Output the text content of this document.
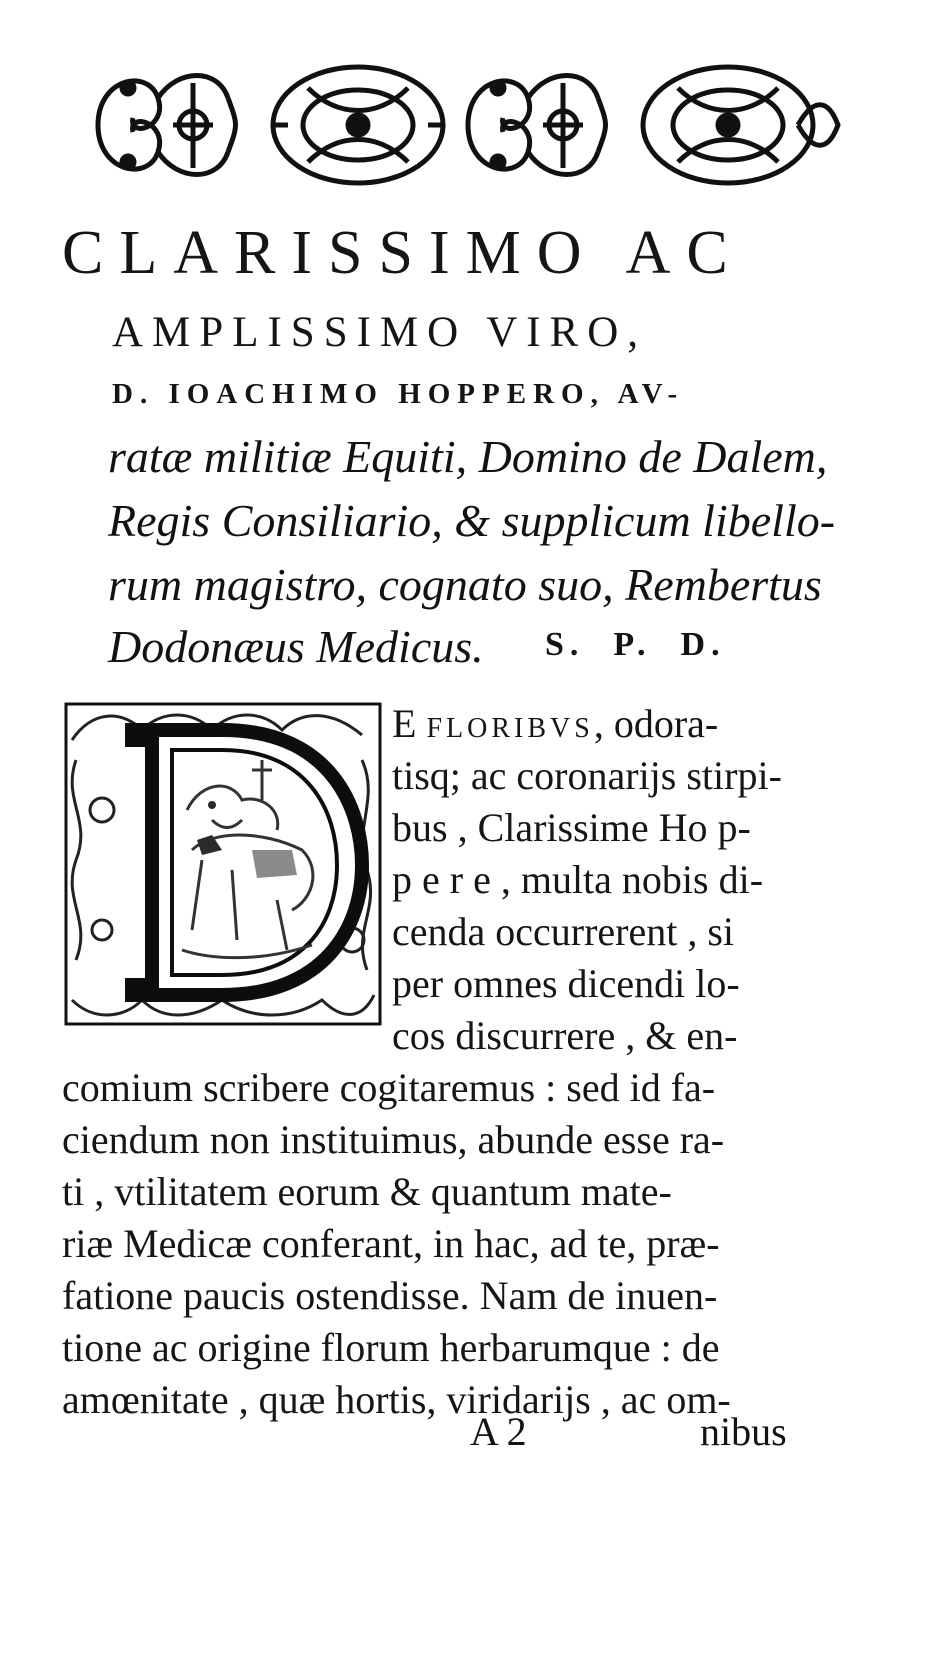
CLARISSIMO AC
AMPLISSIMO VIRO,
D. IOACHIMO HOPPERO, AV-
ratæ militiæ Equiti, Domino de Dalem,
Regis Consiliario, & supplicum libello-
rum magistro, cognato suo, Rembertus
Dodonæus Medicus. S.  P.  D.
E floribvs, odora-
tisq; ac coronarijs stirpi-
bus , Clarissime Ho p-
p e r e , multa nobis di-
cenda occurrerent , si
per omnes dicendi lo-
cos discurrere , & en-
comium scribere cogitaremus : sed id fa-
ciendum non instituimus, abunde esse ra-
ti , vtilitatem eorum & quantum mate-
riæ Medicæ conferant, in hac, ad te, præ-
fatione paucis ostendisse. Nam de inuen-
tione ac origine florum herbarumque : de
amœnitate , quæ hortis, viridarijs , ac om-
A 2	nibus
